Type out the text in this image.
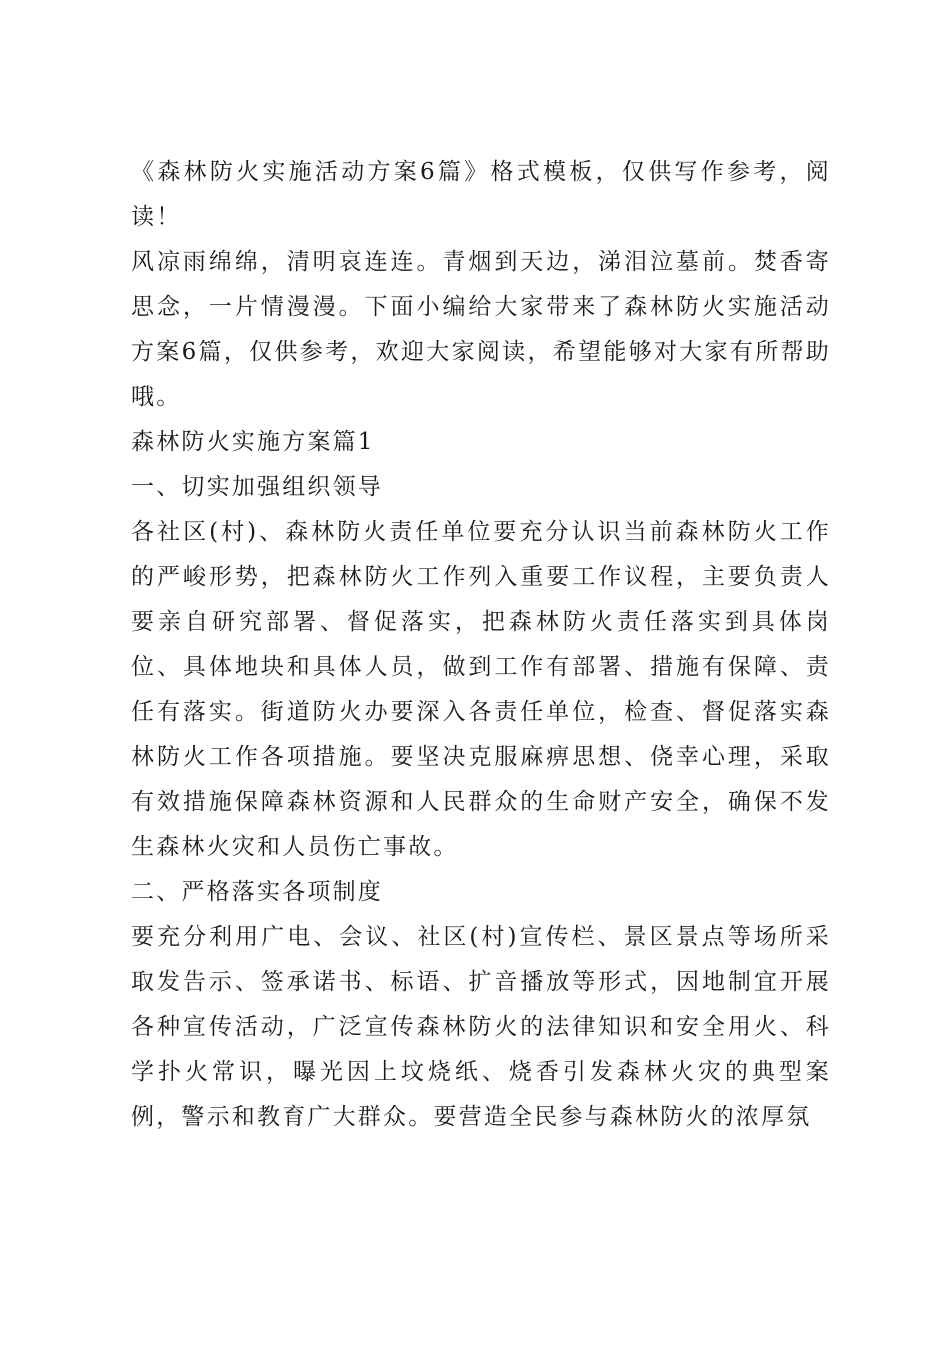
《森林防火实施活动方案6篇》格式模板，仅供写作参考，阅读！

风凉雨绵绵，清明哀连连。青烟到天边，涕泪泣墓前。焚香寄思念，一片情漫漫。下面小编给大家带来了森林防火实施活动方案6篇，仅供参考，欢迎大家阅读，希望能够对大家有所帮助哦。

森林防火实施方案篇1

一、切实加强组织领导

各社区(村)、森林防火责任单位要充分认识当前森林防火工作的严峻形势，把森林防火工作列入重要工作议程，主要负责人要亲自研究部署、督促落实，把森林防火责任落实到具体岗位、具体地块和具体人员，做到工作有部署、措施有保障、责任有落实。街道防火办要深入各责任单位，检查、督促落实森林防火工作各项措施。要坚决克服麻痹思想、侥幸心理，采取有效措施保障森林资源和人民群众的生命财产安全，确保不发生森林火灾和人员伤亡事故。

二、严格落实各项制度

要充分利用广电、会议、社区(村)宣传栏、景区景点等场所采取发告示、签承诺书、标语、扩音播放等形式，因地制宜开展各种宣传活动，广泛宣传森林防火的法律知识和安全用火、科学扑火常识，曝光因上坟烧纸、烧香引发森林火灾的典型案例，警示和教育广大群众。要营造全民参与森林防火的浓厚氛
